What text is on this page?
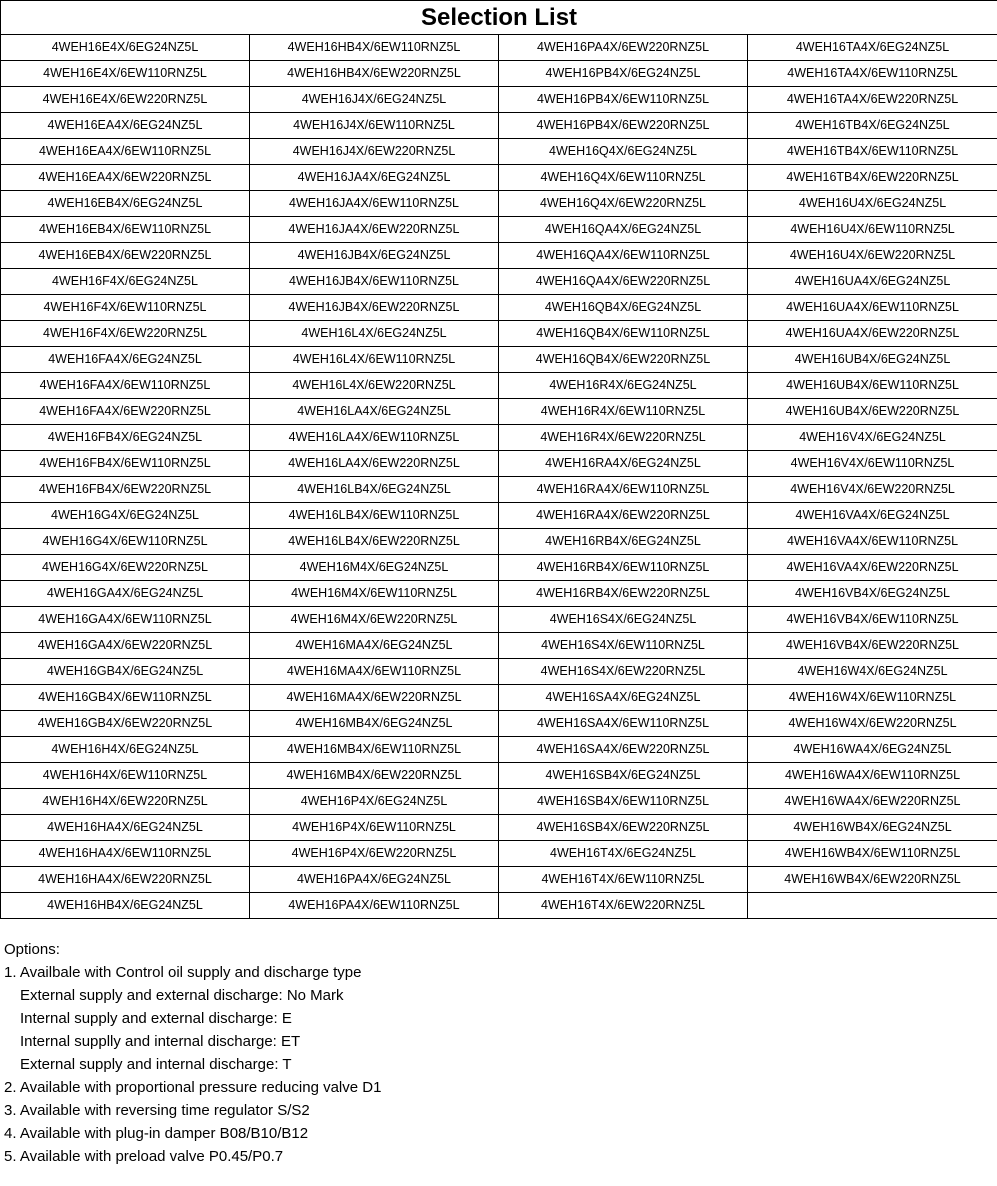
Selection List			
4WEH16E4X/6EG24NZ5L	4WEH16HB4X/6EW110RNZ5L	4WEH16PA4X/6EW220RNZ5L	4WEH16TA4X/6EG24NZ5L
4WEH16E4X/6EW110RNZ5L	4WEH16HB4X/6EW220RNZ5L	4WEH16PB4X/6EG24NZ5L	4WEH16TA4X/6EW110RNZ5L
4WEH16E4X/6EW220RNZ5L	4WEH16J4X/6EG24NZ5L	4WEH16PB4X/6EW110RNZ5L	4WEH16TA4X/6EW220RNZ5L
4WEH16EA4X/6EG24NZ5L	4WEH16J4X/6EW110RNZ5L	4WEH16PB4X/6EW220RNZ5L	4WEH16TB4X/6EG24NZ5L
4WEH16EA4X/6EW110RNZ5L	4WEH16J4X/6EW220RNZ5L	4WEH16Q4X/6EG24NZ5L	4WEH16TB4X/6EW110RNZ5L
4WEH16EA4X/6EW220RNZ5L	4WEH16JA4X/6EG24NZ5L	4WEH16Q4X/6EW110RNZ5L	4WEH16TB4X/6EW220RNZ5L
4WEH16EB4X/6EG24NZ5L	4WEH16JA4X/6EW110RNZ5L	4WEH16Q4X/6EW220RNZ5L	4WEH16U4X/6EG24NZ5L
4WEH16EB4X/6EW110RNZ5L	4WEH16JA4X/6EW220RNZ5L	4WEH16QA4X/6EG24NZ5L	4WEH16U4X/6EW110RNZ5L
4WEH16EB4X/6EW220RNZ5L	4WEH16JB4X/6EG24NZ5L	4WEH16QA4X/6EW110RNZ5L	4WEH16U4X/6EW220RNZ5L
4WEH16F4X/6EG24NZ5L	4WEH16JB4X/6EW110RNZ5L	4WEH16QA4X/6EW220RNZ5L	4WEH16UA4X/6EG24NZ5L
4WEH16F4X/6EW110RNZ5L	4WEH16JB4X/6EW220RNZ5L	4WEH16QB4X/6EG24NZ5L	4WEH16UA4X/6EW110RNZ5L
4WEH16F4X/6EW220RNZ5L	4WEH16L4X/6EG24NZ5L	4WEH16QB4X/6EW110RNZ5L	4WEH16UA4X/6EW220RNZ5L
4WEH16FA4X/6EG24NZ5L	4WEH16L4X/6EW110RNZ5L	4WEH16QB4X/6EW220RNZ5L	4WEH16UB4X/6EG24NZ5L
4WEH16FA4X/6EW110RNZ5L	4WEH16L4X/6EW220RNZ5L	4WEH16R4X/6EG24NZ5L	4WEH16UB4X/6EW110RNZ5L
4WEH16FA4X/6EW220RNZ5L	4WEH16LA4X/6EG24NZ5L	4WEH16R4X/6EW110RNZ5L	4WEH16UB4X/6EW220RNZ5L
4WEH16FB4X/6EG24NZ5L	4WEH16LA4X/6EW110RNZ5L	4WEH16R4X/6EW220RNZ5L	4WEH16V4X/6EG24NZ5L
4WEH16FB4X/6EW110RNZ5L	4WEH16LA4X/6EW220RNZ5L	4WEH16RA4X/6EG24NZ5L	4WEH16V4X/6EW110RNZ5L
4WEH16FB4X/6EW220RNZ5L	4WEH16LB4X/6EG24NZ5L	4WEH16RA4X/6EW110RNZ5L	4WEH16V4X/6EW220RNZ5L
4WEH16G4X/6EG24NZ5L	4WEH16LB4X/6EW110RNZ5L	4WEH16RA4X/6EW220RNZ5L	4WEH16VA4X/6EG24NZ5L
4WEH16G4X/6EW110RNZ5L	4WEH16LB4X/6EW220RNZ5L	4WEH16RB4X/6EG24NZ5L	4WEH16VA4X/6EW110RNZ5L
4WEH16G4X/6EW220RNZ5L	4WEH16M4X/6EG24NZ5L	4WEH16RB4X/6EW110RNZ5L	4WEH16VA4X/6EW220RNZ5L
4WEH16GA4X/6EG24NZ5L	4WEH16M4X/6EW110RNZ5L	4WEH16RB4X/6EW220RNZ5L	4WEH16VB4X/6EG24NZ5L
4WEH16GA4X/6EW110RNZ5L	4WEH16M4X/6EW220RNZ5L	4WEH16S4X/6EG24NZ5L	4WEH16VB4X/6EW110RNZ5L
4WEH16GA4X/6EW220RNZ5L	4WEH16MA4X/6EG24NZ5L	4WEH16S4X/6EW110RNZ5L	4WEH16VB4X/6EW220RNZ5L
4WEH16GB4X/6EG24NZ5L	4WEH16MA4X/6EW110RNZ5L	4WEH16S4X/6EW220RNZ5L	4WEH16W4X/6EG24NZ5L
4WEH16GB4X/6EW110RNZ5L	4WEH16MA4X/6EW220RNZ5L	4WEH16SA4X/6EG24NZ5L	4WEH16W4X/6EW110RNZ5L
4WEH16GB4X/6EW220RNZ5L	4WEH16MB4X/6EG24NZ5L	4WEH16SA4X/6EW110RNZ5L	4WEH16W4X/6EW220RNZ5L
4WEH16H4X/6EG24NZ5L	4WEH16MB4X/6EW110RNZ5L	4WEH16SA4X/6EW220RNZ5L	4WEH16WA4X/6EG24NZ5L
4WEH16H4X/6EW110RNZ5L	4WEH16MB4X/6EW220RNZ5L	4WEH16SB4X/6EG24NZ5L	4WEH16WA4X/6EW110RNZ5L
4WEH16H4X/6EW220RNZ5L	4WEH16P4X/6EG24NZ5L	4WEH16SB4X/6EW110RNZ5L	4WEH16WA4X/6EW220RNZ5L
4WEH16HA4X/6EG24NZ5L	4WEH16P4X/6EW110RNZ5L	4WEH16SB4X/6EW220RNZ5L	4WEH16WB4X/6EG24NZ5L
4WEH16HA4X/6EW110RNZ5L	4WEH16P4X/6EW220RNZ5L	4WEH16T4X/6EG24NZ5L	4WEH16WB4X/6EW110RNZ5L
4WEH16HA4X/6EW220RNZ5L	4WEH16PA4X/6EG24NZ5L	4WEH16T4X/6EW110RNZ5L	4WEH16WB4X/6EW220RNZ5L
4WEH16HB4X/6EG24NZ5L	4WEH16PA4X/6EW110RNZ5L	4WEH16T4X/6EW220RNZ5L	
Options:
1. Availbale with Control oil supply and discharge type
External supply and external discharge: No Mark
Internal supply and external discharge: E
Internal supplly and internal discharge: ET
External supply and internal discharge: T
2. Available with proportional pressure reducing valve D1
3. Available with reversing time regulator S/S2
4. Available with plug-in damper B08/B10/B12
5. Available with preload valve P0.45/P0.7
